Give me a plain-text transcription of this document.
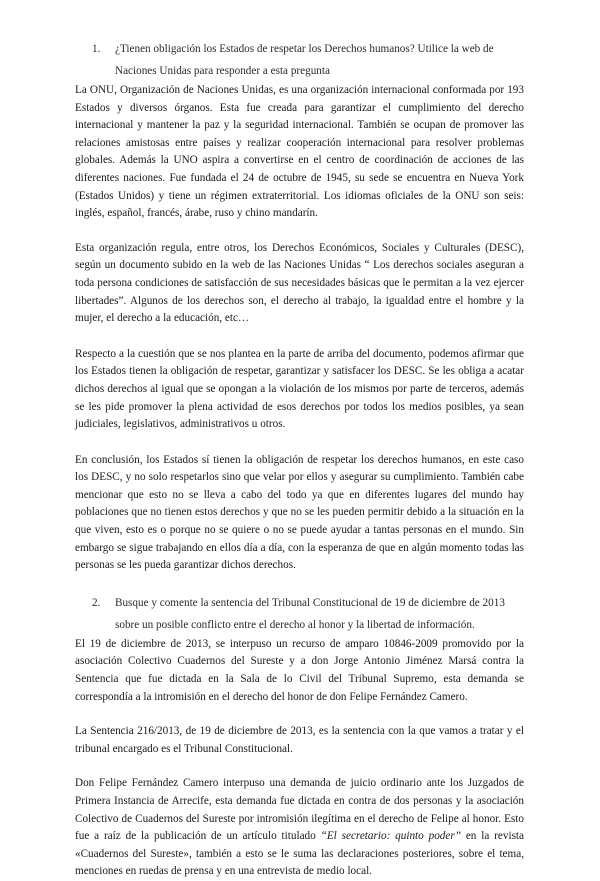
1. ¿Tienen obligación los Estados de respetar los Derechos humanos? Utilice la web de Naciones Unidas para responder a esta pregunta

La ONU, Organización de Naciones Unidas, es una organización internacional conformada por 193 Estados y diversos órganos. Esta fue creada para garantizar el cumplimiento del derecho internacional y mantener la paz y la seguridad internacional. También se ocupan de promover las relaciones amistosas entre países y realizar cooperación internacional para resolver problemas globales. Además la UNO aspira a convertirse en el centro de coordinación de acciones de las diferentes naciones. Fue fundada el 24 de octubre de 1945, su sede se encuentra en Nueva York (Estados Unidos) y tiene un régimen extraterritorial. Los idiomas oficiales de la ONU son seis: inglés, español, francés, árabe, ruso y chino mandarín.

Esta organización regula, entre otros, los Derechos Económicos, Sociales y Culturales (DESC), según un documento subido en la web de las Naciones Unidas “ Los derechos sociales aseguran a toda persona condiciones de satisfacción de sus necesidades básicas que le permitan a la vez ejercer libertades”. Algunos de los derechos son, el derecho al trabajo, la igualdad entre el hombre y la mujer, el derecho a la educación, etc…

Respecto a la cuestión que se nos plantea en la parte de arriba del documento, podemos afirmar que los Estados tienen la obligación de respetar, garantizar y satisfacer los DESC. Se les obliga a acatar dichos derechos al igual que se opongan a la violación de los mismos por parte de terceros, además se les pide promover la plena actividad de esos derechos por todos los medios posibles, ya sean judiciales, legislativos, administrativos u otros.

En conclusión, los Estados sí tienen la obligación de respetar los derechos humanos, en este caso los DESC, y no solo respetarlos sino que velar por ellos y asegurar su cumplimiento. También cabe mencionar que esto no se lleva a cabo del todo ya que en diferentes lugares del mundo hay poblaciones que no tienen estos derechos y que no se les pueden permitir debido a la situación en la que viven, esto es o porque no se quiere o no se puede ayudar a tantas personas en el mundo. Sin embargo se sigue trabajando en ellos día a día, con la esperanza de que en algún momento todas las personas se les pueda garantizar dichos derechos.

2. Busque y comente la sentencia del Tribunal Constitucional de 19 de diciembre de 2013 sobre un posible conflicto entre el derecho al honor y la libertad de información.

El 19 de diciembre de 2013, se interpuso un recurso de amparo 10846-2009 promovido por la asociación Colectivo Cuadernos del Sureste y a don Jorge Antonio Jiménez Marsá contra la Sentencia que fue dictada en la Sala de lo Civil del Tribunal Supremo, esta demanda se correspondía a la intromisión en el derecho del honor de don Felipe Fernández Camero.

La Sentencia 216/2013, de 19 de diciembre de 2013, es la sentencia con la que vamos a tratar y el tribunal encargado es el Tribunal Constitucional.

Don Felipe Fernández Camero interpuso una demanda de juicio ordinario ante los Juzgados de Primera Instancia de Arrecife, esta demanda fue dictada en contra de dos personas y la asociación Colectivo de Cuadernos del Sureste por intromisión ilegítima en el derecho de Felipe al honor. Esto fue a raíz de la publicación de un artículo titulado “El secretario: quinto poder” en la revista «Cuadernos del Sureste», también a esto se le suma las declaraciones posteriores, sobre el tema, menciones en ruedas de prensa y en una entrevista de medio local.
